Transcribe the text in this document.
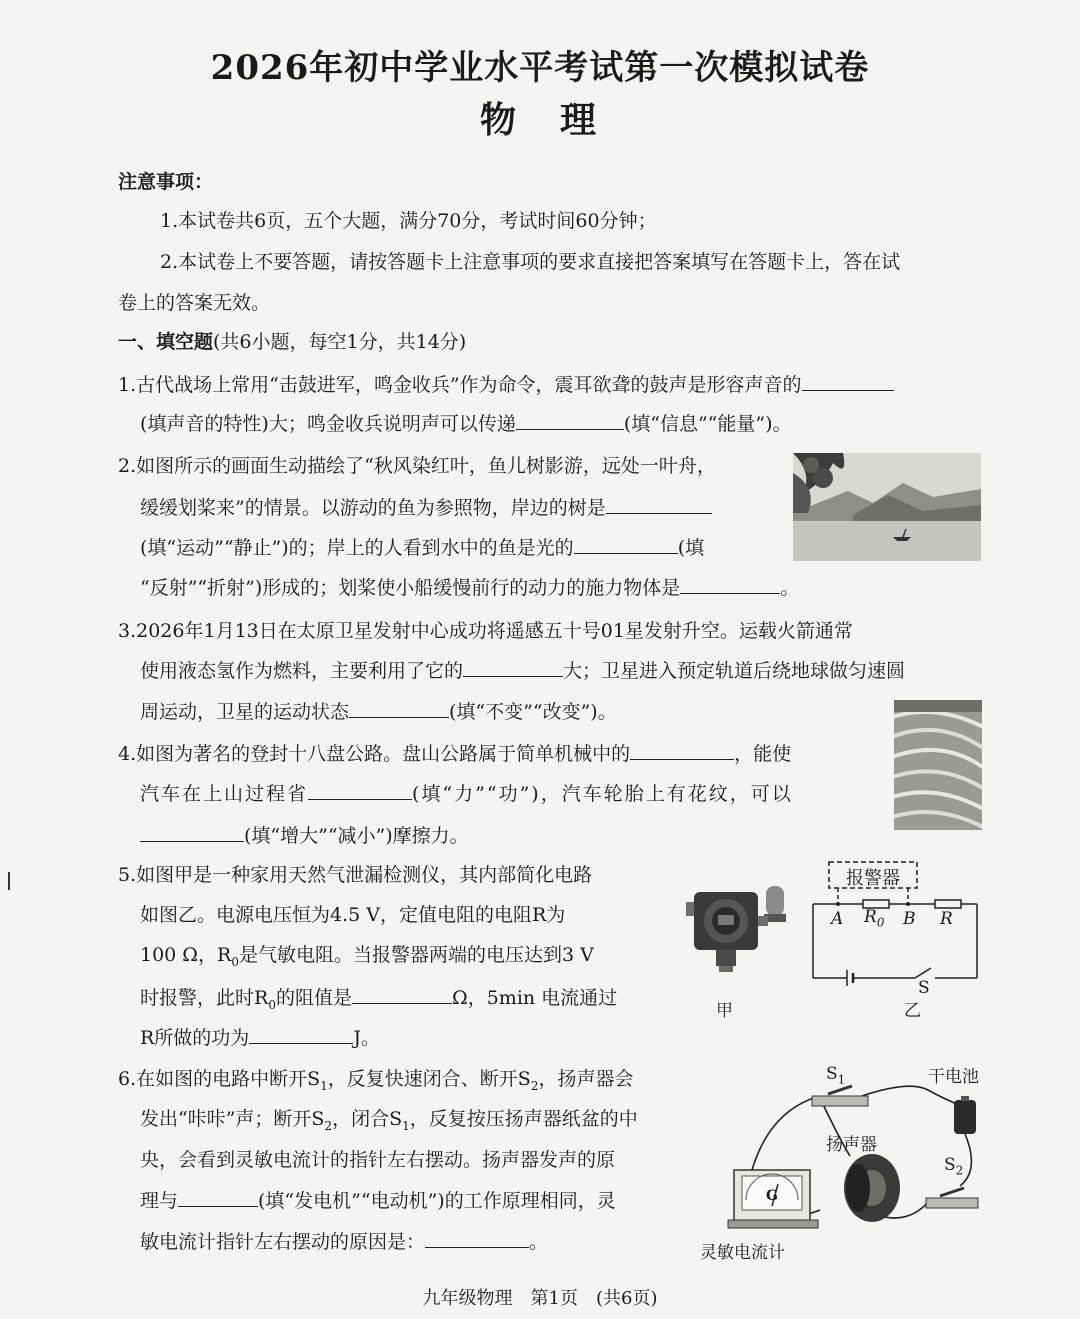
2026年初中学业水平考试第一次模拟试卷
物　理
注意事项：
1.本试卷共6页，五个大题，满分70分，考试时间60分钟；
2.本试卷上不要答题，请按答题卡上注意事项的要求直接把答案填写在答题卡上，答在试
卷上的答案无效。
一、填空题(共6小题，每空1分，共14分)
1.古代战场上常用“击鼓进军，鸣金收兵”作为命令，震耳欲聋的鼓声是形容声音的
(填声音的特性)大；鸣金收兵说明声可以传递	(填“信息”“能量”)。
2.如图所示的画面生动描绘了“秋风染红叶，鱼儿树影游，远处一叶舟，
缓缓划桨来”的情景。以游动的鱼为参照物，岸边的树是
(填“运动”“静止”)的；岸上的人看到水中的鱼是光的	(填
“反射”“折射”)形成的；划桨使小船缓慢前行的动力的施力物体是	。
3.2026年1月13日在太原卫星发射中心成功将遥感五十号01星发射升空。运载火箭通常
使用液态氢作为燃料，主要利用了它的	大；卫星进入预定轨道后绕地球做匀速圆
周运动，卫星的运动状态	(填“不变”“改变”)。
4.如图为著名的登封十八盘公路。盘山公路属于简单机械中的	，能使
汽车在上山过程省	(填“力”“功”)，汽车轮胎上有花纹，可以
(填“增大”“减小”)摩擦力。
5.如图甲是一种家用天然气泄漏检测仪，其内部简化电路
如图乙。电源电压恒为4.5 V，定值电阻的电阻R为
100 Ω，$R_0$是气敏电阻。当报警器两端的电压达到3 V
时报警，此时$R_0$的阻值是	Ω，5min 电流通过
R所做的功为	J。
甲
报警器
A $R_0$ B R
S
乙
6.在如图的电路中断开$S_1$，反复快速闭合、断开$S_2$，扬声器会
发出“咔咔”声；断开$S_2$，闭合$S_1$，反复按压扬声器纸盆的中
央，会看到灵敏电流计的指针左右摆动。扬声器发声的原
理与	(填“发电机”“电动机”)的工作原理相同，灵
敏电流计指针左右摆动的原因是：	。
$S_1$	干电池
扬声器
$S_2$
G
灵敏电流计
九年级物理　第1页　(共6页)
